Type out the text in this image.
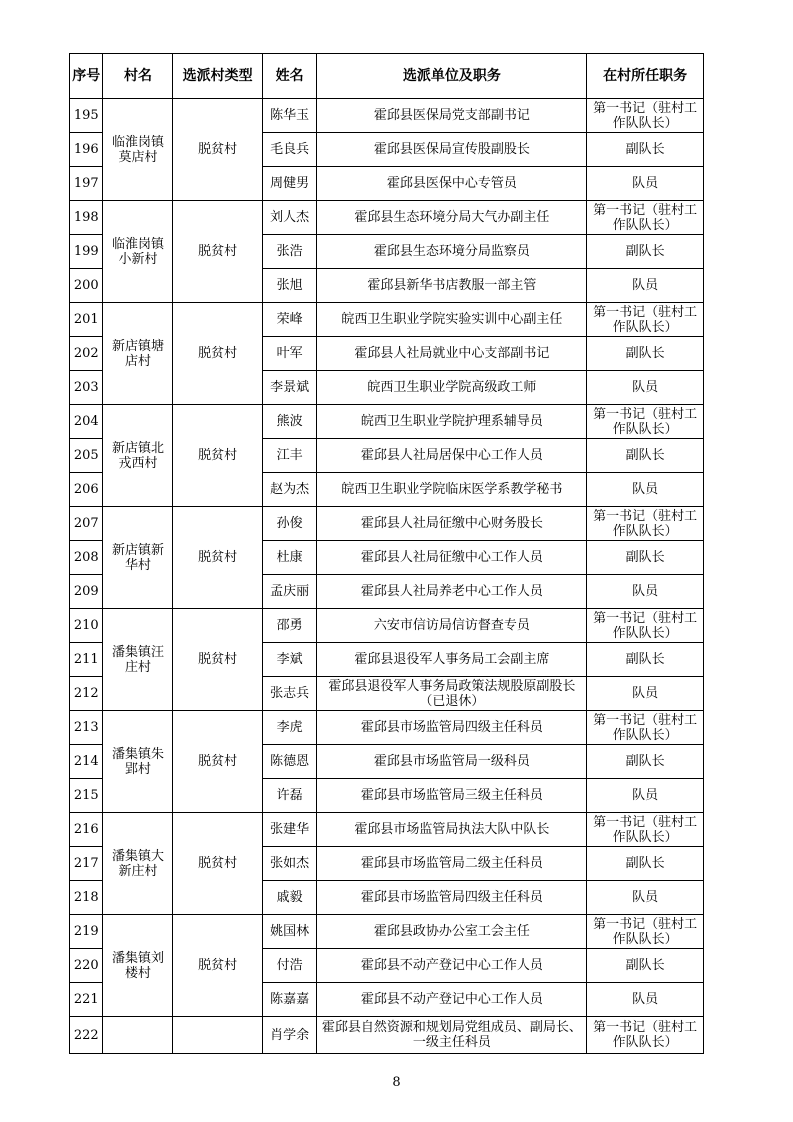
序号	村名	选派村类型	姓名	选派单位及职务	在村所任职务
195	临淮岗镇莫店村	脱贫村	陈华玉	霍邱县医保局党支部副书记	第一书记（驻村工作队队长）
196			毛良兵	霍邱县医保局宣传股副股长	副队长
197			周健男	霍邱县医保中心专管员	队员
198	临淮岗镇小新村	脱贫村	刘人杰	霍邱县生态环境分局大气办副主任	第一书记（驻村工作队队长）
199			张浩	霍邱县生态环境分局监察员	副队长
200			张旭	霍邱县新华书店教服一部主管	队员
201	新店镇塘店村	脱贫村	荣峰	皖西卫生职业学院实验实训中心副主任	第一书记（驻村工作队队长）
202			叶军	霍邱县人社局就业中心支部副书记	副队长
203			李景斌	皖西卫生职业学院高级政工师	队员
204	新店镇北戎西村	脱贫村	熊波	皖西卫生职业学院护理系辅导员	第一书记（驻村工作队队长）
205			江丰	霍邱县人社局居保中心工作人员	副队长
206			赵为杰	皖西卫生职业学院临床医学系教学秘书	队员
207	新店镇新华村	脱贫村	孙俊	霍邱县人社局征缴中心财务股长	第一书记（驻村工作队队长）
208			杜康	霍邱县人社局征缴中心工作人员	副队长
209			孟庆丽	霍邱县人社局养老中心工作人员	队员
210	潘集镇汪庄村	脱贫村	邵勇	六安市信访局信访督查专员	第一书记（驻村工作队队长）
211			李斌	霍邱县退役军人事务局工会副主席	副队长
212			张志兵	霍邱县退役军人事务局政策法规股原副股长（已退休）	队员
213	潘集镇朱郢村	脱贫村	李虎	霍邱县市场监管局四级主任科员	第一书记（驻村工作队队长）
214			陈德恩	霍邱县市场监管局一级科员	副队长
215			许磊	霍邱县市场监管局三级主任科员	队员
216	潘集镇大新庄村	脱贫村	张建华	霍邱县市场监管局执法大队中队长	第一书记（驻村工作队队长）
217			张如杰	霍邱县市场监管局二级主任科员	副队长
218			戚毅	霍邱县市场监管局四级主任科员	队员
219	潘集镇刘楼村	脱贫村	姚国林	霍邱县政协办公室工会主任	第一书记（驻村工作队队长）
220			付浩	霍邱县不动产登记中心工作人员	副队长
221			陈嘉嘉	霍邱县不动产登记中心工作人员	队员
222			肖学余	霍邱县自然资源和规划局党组成员、副局长、一级主任科员	第一书记（驻村工作队队长）
8
